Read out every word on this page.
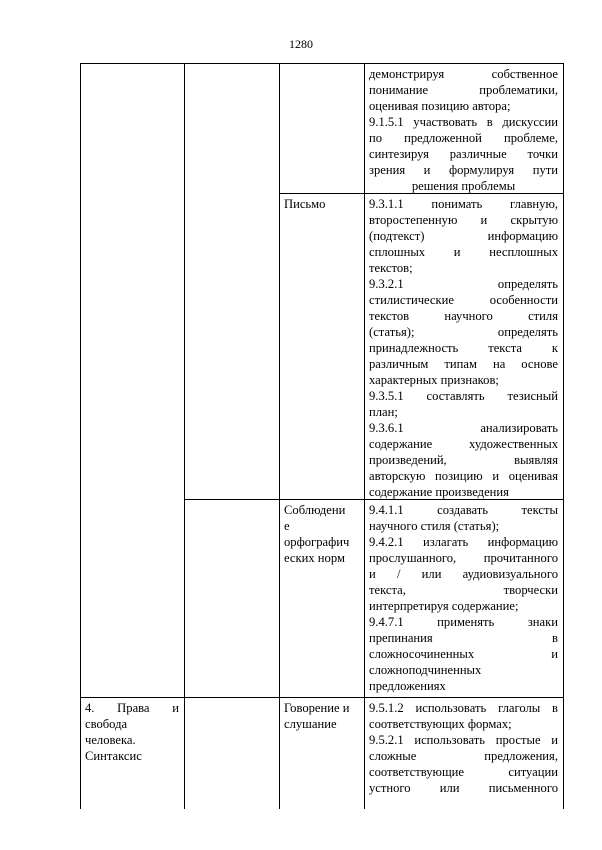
1280
демонстрируя собственное
понимание проблематики,
оценивая позицию автора;
9.1.5.1 участвовать в дискуссии
по предложенной проблеме,
синтезируя различные точки
зрения и формулируя пути
решения проблемы
Письмо	9.3.1.1 понимать главную,
второстепенную и скрытую
(подтекст) информацию
сплошных и несплошных
текстов;
9.3.2.1 определять
стилистические особенности
текстов научного стиля
(статья); определять
принадлежность текста к
различным типам на основе
характерных признаков;
9.3.5.1 составлять тезисный
план;
9.3.6.1 анализировать
содержание художественных
произведений, выявляя
авторскую позицию и оценивая
содержание произведения
Соблюдени
е
орфографич
еских норм
9.4.1.1 создавать тексты
научного стиля (статья);
9.4.2.1 излагать информацию
прослушанного, прочитанного
и / или аудиовизуального
текста, творчески
интерпретируя содержание;
9.4.7.1 применять знаки
препинания в
сложносочиненных и
сложноподчиненных
предложениях
4. Права и
свобода
человека.
Синтаксис
Говорение и
слушание
9.5.1.2 использовать глаголы в
соответствующих формах;
9.5.2.1 использовать простые и
сложные предложения,
соответствующие ситуации
устного или письменного
